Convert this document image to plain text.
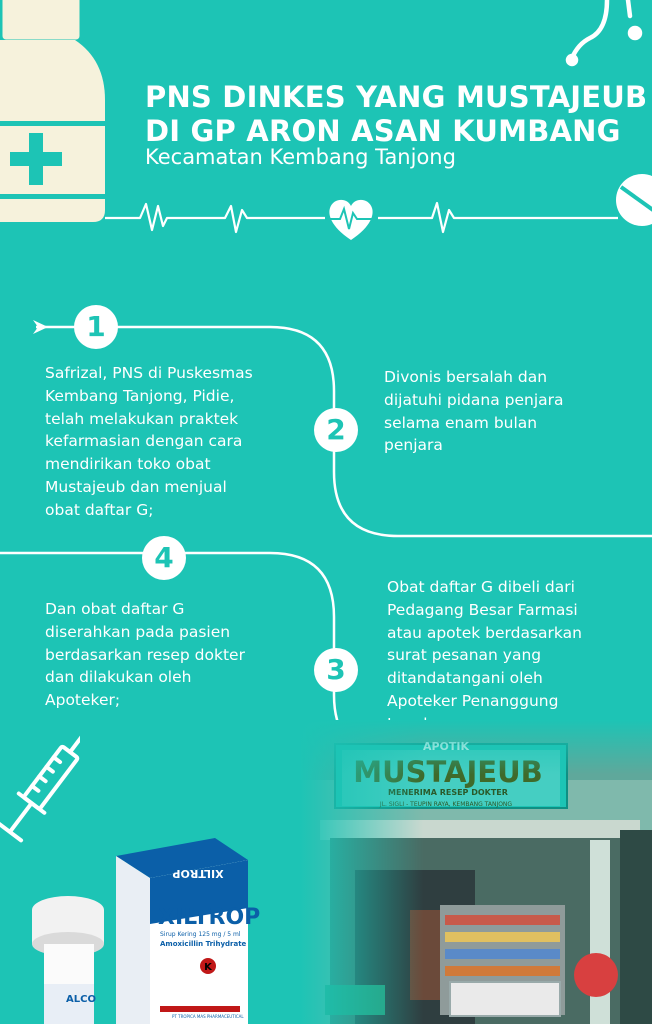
PNS DINKES YANG MUSTAJEUB
DI GP ARON ASAN KUMBANG
Kecamatan Kembang Tanjong
1
2
3
4
Safrizal, PNS di Puskesmas
Kembang Tanjong, Pidie,
telah melakukan praktek
kefarmasian dengan cara
mendirikan toko obat
Mustajeub dan menjual
obat daftar G;
Divonis bersalah dan
dijatuhi pidana penjara
selama enam bulan
penjara
Obat daftar G dibeli dari
Pedagang Besar Farmasi
atau apotek berdasarkan
surat pesanan yang
ditandatangani oleh
Apoteker Penanggung
Dan obat daftar G
diserahkan pada pasien
berdasarkan resep dokter
dan dilakukan oleh
Apoteker;
XILTROP
XILTROP
Sirup Kering 125 mg / 5 ml
Amoxicillin Trihydrate
K
PT TROPICA MAS PHARMACEUTICAL
ALCO
